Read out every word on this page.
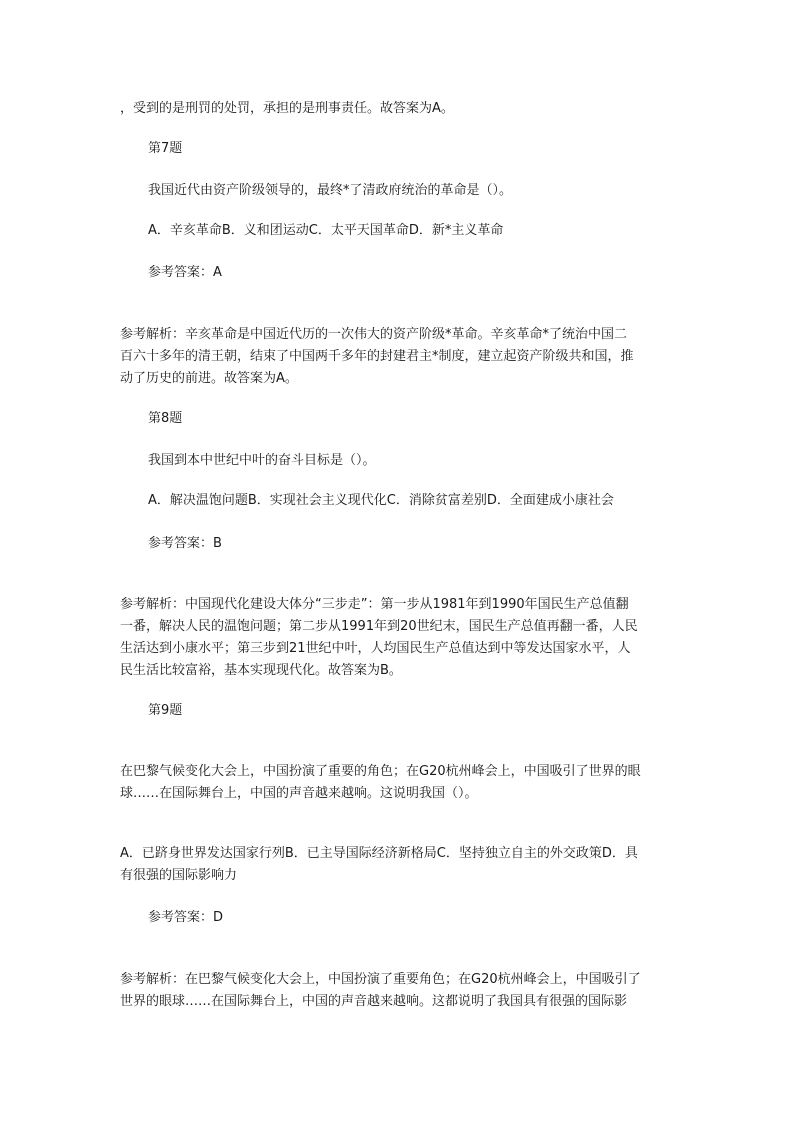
，受到的是刑罚的处罚，承担的是刑事责任。故答案为A。

第7题

我国近代由资产阶级领导的，最终*了清政府统治的革命是（）。

A．辛亥革命B．义和团运动C．太平天国革命D．新*主义革命

参考答案：A

参考解析：辛亥革命是中国近代历的一次伟大的资产阶级*革命。辛亥革命*了统治中国二

百六十多年的清王朝，结束了中国两千多年的封建君主*制度，建立起资产阶级共和国，推

动了历史的前进。故答案为A。

第8题

我国到本中世纪中叶的奋斗目标是（）。

A．解决温饱问题B．实现社会主义现代化C．消除贫富差别D．全面建成小康社会

参考答案：B

参考解析：中国现代化建设大体分“三步走”：第一步从1981年到1990年国民生产总值翻

一番，解决人民的温饱问题；第二步从1991年到20世纪末，国民生产总值再翻一番，人民

生活达到小康水平；第三步到21世纪中叶，人均国民生产总值达到中等发达国家水平，人

民生活比较富裕，基本实现现代化。故答案为B。

第9题

在巴黎气候变化大会上，中国扮演了重要的角色；在G20杭州峰会上，中国吸引了世界的眼

球……在国际舞台上，中国的声音越来越响。这说明我国（）。

A．已跻身世界发达国家行列B．已主导国际经济新格局C．坚持独立自主的外交政策D．具

有很强的国际影响力

参考答案：D

参考解析：在巴黎气候变化大会上，中国扮演了重要角色；在G20杭州峰会上，中国吸引了

世界的眼球……在国际舞台上，中国的声音越来越响。这都说明了我国具有很强的国际影
